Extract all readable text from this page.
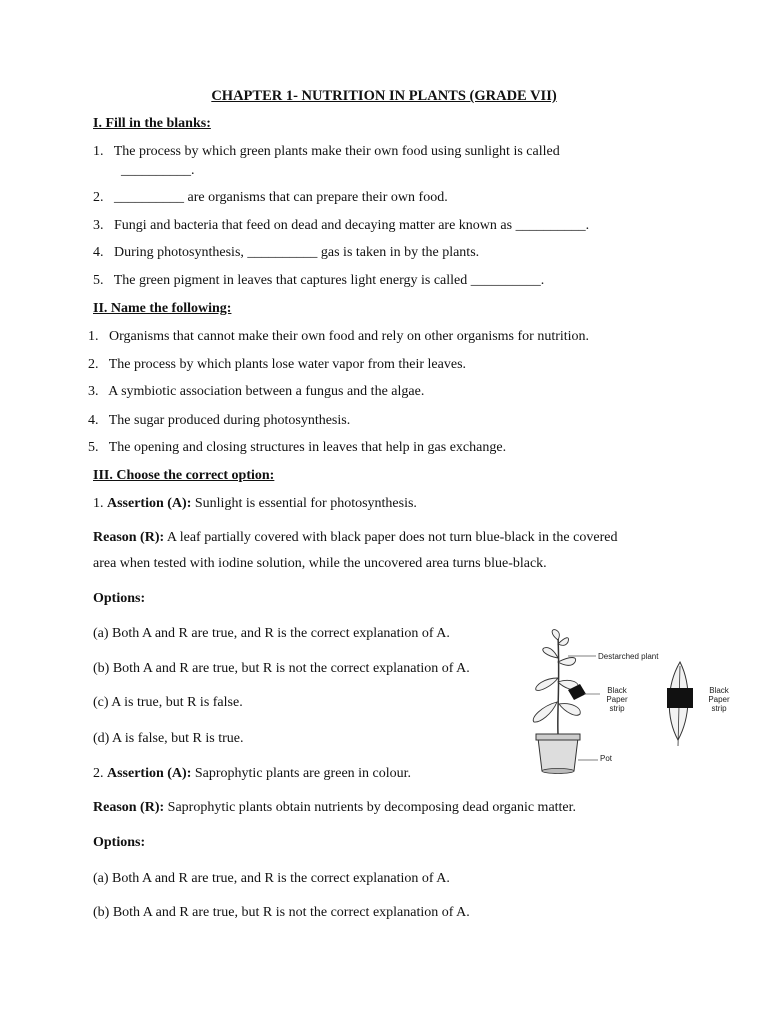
CHAPTER 1- NUTRITION IN PLANTS (GRADE VII)
I. Fill in the blanks:
1. The process by which green plants make their own food using sunlight is called
__________.
2. __________ are organisms that can prepare their own food.
3. Fungi and bacteria that feed on dead and decaying matter are known as __________.
4. During photosynthesis, __________ gas is taken in by the plants.
5. The green pigment in leaves that captures light energy is called __________.
II. Name the following:
1. Organisms that cannot make their own food and rely on other organisms for nutrition.
2. The process by which plants lose water vapor from their leaves.
3. A symbiotic association between a fungus and the algae.
4. The sugar produced during photosynthesis.
5. The opening and closing structures in leaves that help in gas exchange.
III. Choose the correct option:
1. Assertion (A): Sunlight is essential for photosynthesis.
Reason (R): A leaf partially covered with black paper does not turn blue-black in the covered
area when tested with iodine solution, while the uncovered area turns blue-black.
Options:
(a) Both A and R are true, and R is the correct explanation of A.
(b) Both A and R are true, but R is not the correct explanation of A.
(c) A is true, but R is false.
(d) A is false, but R is true.
2. Assertion (A): Saprophytic plants are green in colour.
Reason (R): Saprophytic plants obtain nutrients by decomposing dead organic matter.
Options:
(a) Both A and R are true, and R is the correct explanation of A.
(b) Both A and R are true, but R is not the correct explanation of A.
Destarched plant
Black
Paper
strip
Black
Paper
strip
Pot
